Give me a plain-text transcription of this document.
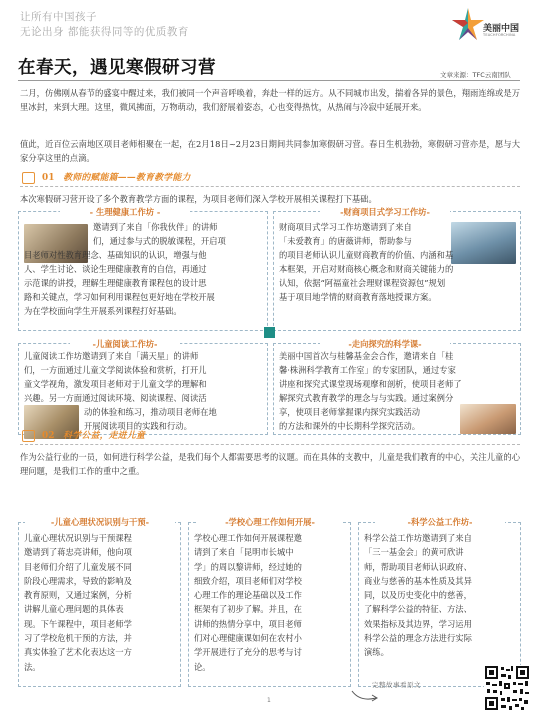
让所有中国孩子
无论出身 都能获得同等的优质教育	美丽中国
TEACHFORCHINA
在春天，遇见寒假研习营	文章来源：TFC云南团队

二月，仿佛刚从春节的盛宴中醒过来，我们被同一个声音呼唤着，奔赴一样的远方。从不同城市出发，揣着各异的景色，翔雨连绵或是万里冰封，来到大理。这里，微风拂面，万物萌动，我们舒展着姿态，心也变得热忱，从热闹与冷寂中延展开来。

值此，近百位云南地区项目老师相聚在一起，在2月18日~2月23日期间共同参加寒假研习营。春日生机勃勃，寒假研习营亦是，愿与大家分享这里的点滴。

01 教师的赋能篇——教育教学能力

本次寒假研习营开设了多个教育教学方面的课程，为项目老师们深入学校开展相关课程打下基础。

- 生理健康工作坊 -
邀请到了来自「你我伙伴」的讲师
们，通过参与式的脱敏课程，开启项
目老师对性教育理念、基础知识的认识，增强与他
人、学生讨论、谈论生理健康教育的自信，再通过
示范课的讲授，理解生理健康教育课程包的设计思
路和关键点，学习如何利用课程包更好地在学校开展
为在学校面向学生开展系列课程打好基础。
-财商项目式学习工作坊-
财商项目式学习工作坊邀请到了来自
「未爱教育」的唐薇讲师，帮助参与
的项目老师认识儿童财商教育的价值、内涵和基
本框架，开启对财商核心概念和财商关键能力的
认知，依据“阿福童社会理财课程资源包”规划
基于项目地学情的财商教育落地授课方案。
-儿童阅读工作坊-
儿童阅读工作坊邀请到了来自「满天星」的讲师
们，一方面通过儿童文学阅读体验和赏析，打开儿
童文学视角，激发项目老师对于儿童文学的理解和
兴趣。另一方面通过阅读环境、阅读课程、阅读活
动的体验和练习，推动项目老师在地
开展阅读项目的实践和行动。
-走向探究的科学课-
美丽中国首次与桂馨基金会合作，邀请来自「桂
馨·株洲科学教育工作室」的专家团队，通过专家
讲座和探究式课堂现场观摩和剖析，使项目老师了
解探究式教育教学的理念与与实践。通过案例分
享，使项目老师掌握课内探究实践活动
的方法和课外的中长期科学探究活动。
02 科学公益，走进儿童

作为公益行业的一员，如何进行科学公益，是我们每个人都需要思考的议题。而在具体的支教中，儿童是我们教育的中心，关注儿童的心理问题，是我们工作的重中之重。

-儿童心理状况识别与干预-
儿童心理状况识别与干预课程
邀请到了蒋忠亮讲师，他向项
目老师们介绍了儿童发展不同
阶段心理需求，导致的影响及
教育原则，又通过案例，分析
讲解儿童心理问题的具体表
现。下午课程中，项目老师学
习了学校危机干预的方法，并
真实体验了艺术化表达这一方
法。
-学校心理工作如何开展-
学校心理工作如何开展课程邀
请到了来自「昆明市长城中
学」的周以黎讲师，经过她的
细致介绍，项目老师们对学校
心理工作的理论基础以及工作
框架有了初步了解。并且，在
讲师的热情分享中，项目老师
们对心理健康课如何在农村小
学开展进行了充分的思考与讨
论。
-科学公益工作坊-
科学公益工作坊邀请到了来自
「三一基金会」的黄可欣讲
师，帮助项目老师认识政府、
商业与慈善的基本性质及其异
同，以及历史变化中的慈善，
了解科学公益的特征、方法、
效果指标及其边界，学习运用
科学公益的理念方法进行实际
演练。
完整故事看原文
1
